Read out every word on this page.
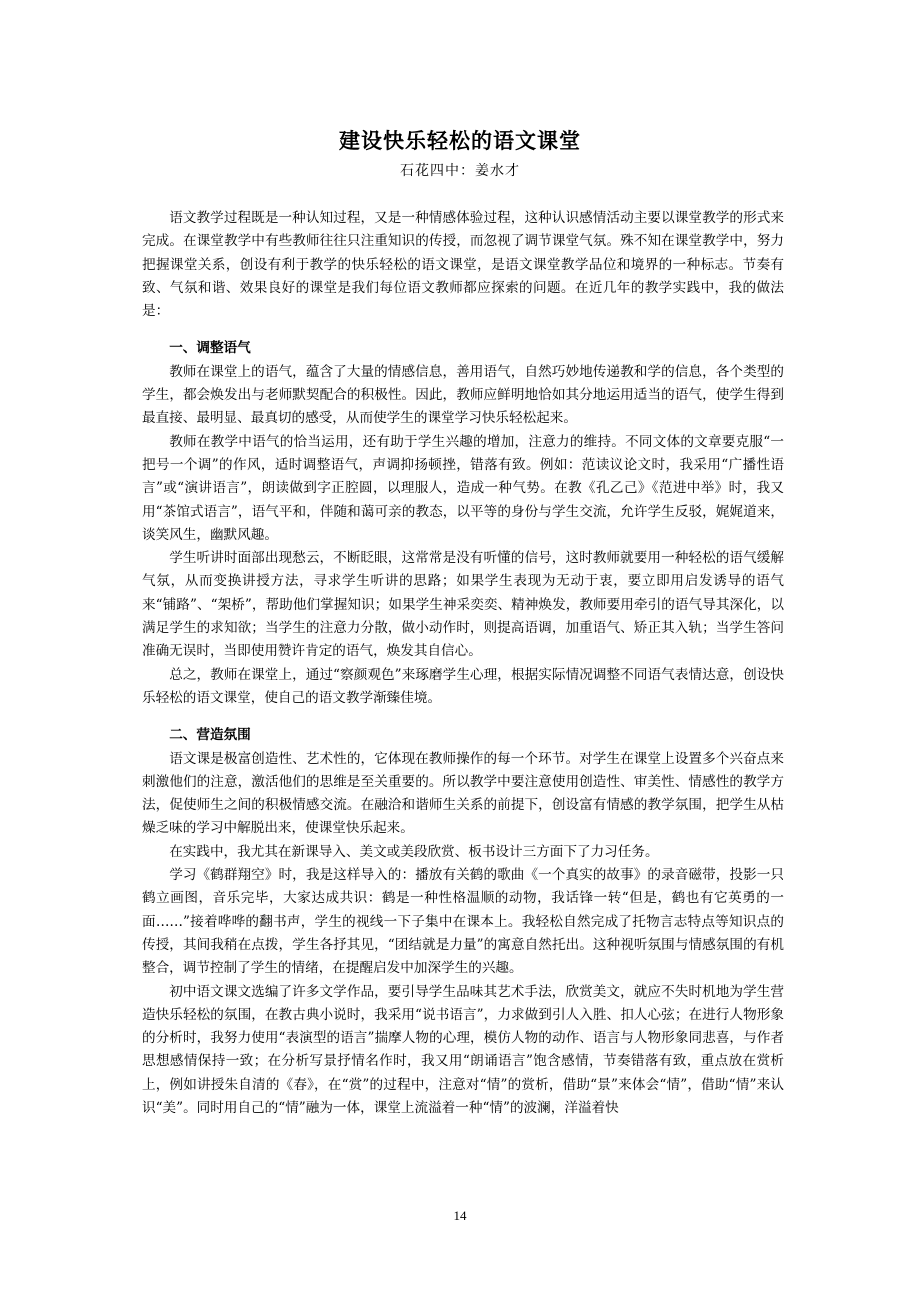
建设快乐轻松的语文课堂
石花四中：姜水才

语文教学过程既是一种认知过程，又是一种情感体验过程，这种认识感情活动主要以课堂教学的形式来完成。在课堂教学中有些教师往往只注重知识的传授，而忽视了调节课堂气氛。殊不知在课堂教学中，努力把握课堂关系，创设有利于教学的快乐轻松的语文课堂，是语文课堂教学品位和境界的一种标志。节奏有致、气氛和谐、效果良好的课堂是我们每位语文教师都应探索的问题。在近几年的教学实践中，我的做法是：

一、调整语气

教师在课堂上的语气，蕴含了大量的情感信息，善用语气，自然巧妙地传递教和学的信息，各个类型的学生，都会焕发出与老师默契配合的积极性。因此，教师应鲜明地恰如其分地运用适当的语气，使学生得到最直接、最明显、最真切的感受，从而使学生的课堂学习快乐轻松起来。

教师在教学中语气的恰当运用，还有助于学生兴趣的增加，注意力的维持。不同文体的文章要克服“一把号一个调”的作风，适时调整语气，声调抑扬顿挫，错落有致。例如：范读议论文时，我采用“广播性语言”或“演讲语言”，朗读做到字正腔圆，以理服人，造成一种气势。在教《孔乙己》《范进中举》时，我又用“茶馆式语言”，语气平和，伴随和蔼可亲的教态，以平等的身份与学生交流，允许学生反驳，娓娓道来，谈笑风生，幽默风趣。

学生听讲时面部出现愁云，不断眨眼，这常常是没有听懂的信号，这时教师就要用一种轻松的语气缓解气氛，从而变换讲授方法，寻求学生听讲的思路；如果学生表现为无动于衷，要立即用启发诱导的语气来“铺路”、“架桥”，帮助他们掌握知识；如果学生神采奕奕、精神焕发，教师要用牵引的语气导其深化，以满足学生的求知欲；当学生的注意力分散，做小动作时，则提高语调，加重语气、矫正其入轨；当学生答问准确无误时，当即使用赞许肯定的语气，焕发其自信心。

总之，教师在课堂上，通过“察颜观色”来琢磨学生心理，根据实际情况调整不同语气表情达意，创设快乐轻松的语文课堂，使自己的语文教学渐臻佳境。

二、营造氛围

语文课是极富创造性、艺术性的，它体现在教师操作的每一个环节。对学生在课堂上设置多个兴奋点来刺激他们的注意，激活他们的思维是至关重要的。所以教学中要注意使用创造性、审美性、情感性的教学方法，促使师生之间的积极情感交流。在融洽和谐师生关系的前提下，创设富有情感的教学氛围，把学生从枯燥乏味的学习中解脱出来，使课堂快乐起来。

在实践中，我尤其在新课导入、美文或美段欣赏、板书设计三方面下了力习任务。

学习《鹤群翔空》时，我是这样导入的：播放有关鹤的歌曲《一个真实的故事》的录音磁带，投影一只鹤立画图，音乐完毕，大家达成共识：鹤是一种性格温顺的动物，我话锋一转“但是，鹤也有它英勇的一面……”接着哗哗的翻书声，学生的视线一下子集中在课本上。我轻松自然完成了托物言志特点等知识点的传授，其间我稍在点拨，学生各抒其见，“团结就是力量”的寓意自然托出。这种视听氛围与情感氛围的有机整合，调节控制了学生的情绪，在提醒启发中加深学生的兴趣。

初中语文课文选编了许多文学作品，要引导学生品味其艺术手法，欣赏美文，就应不失时机地为学生营造快乐轻松的氛围，在教古典小说时，我采用“说书语言”，力求做到引人入胜、扣人心弦；在进行人物形象的分析时，我努力使用“表演型的语言”揣摩人物的心理，模仿人物的动作、语言与人物形象同悲喜，与作者思想感情保持一致；在分析写景抒情名作时，我又用“朗诵语言”饱含感情，节奏错落有致，重点放在赏析上，例如讲授朱自清的《春》，在“赏”的过程中，注意对“情”的赏析，借助“景”来体会“情”，借助“情”来认识“美”。同时用自己的“情”融为一体，课堂上流溢着一种“情”的波澜，洋溢着快

14
